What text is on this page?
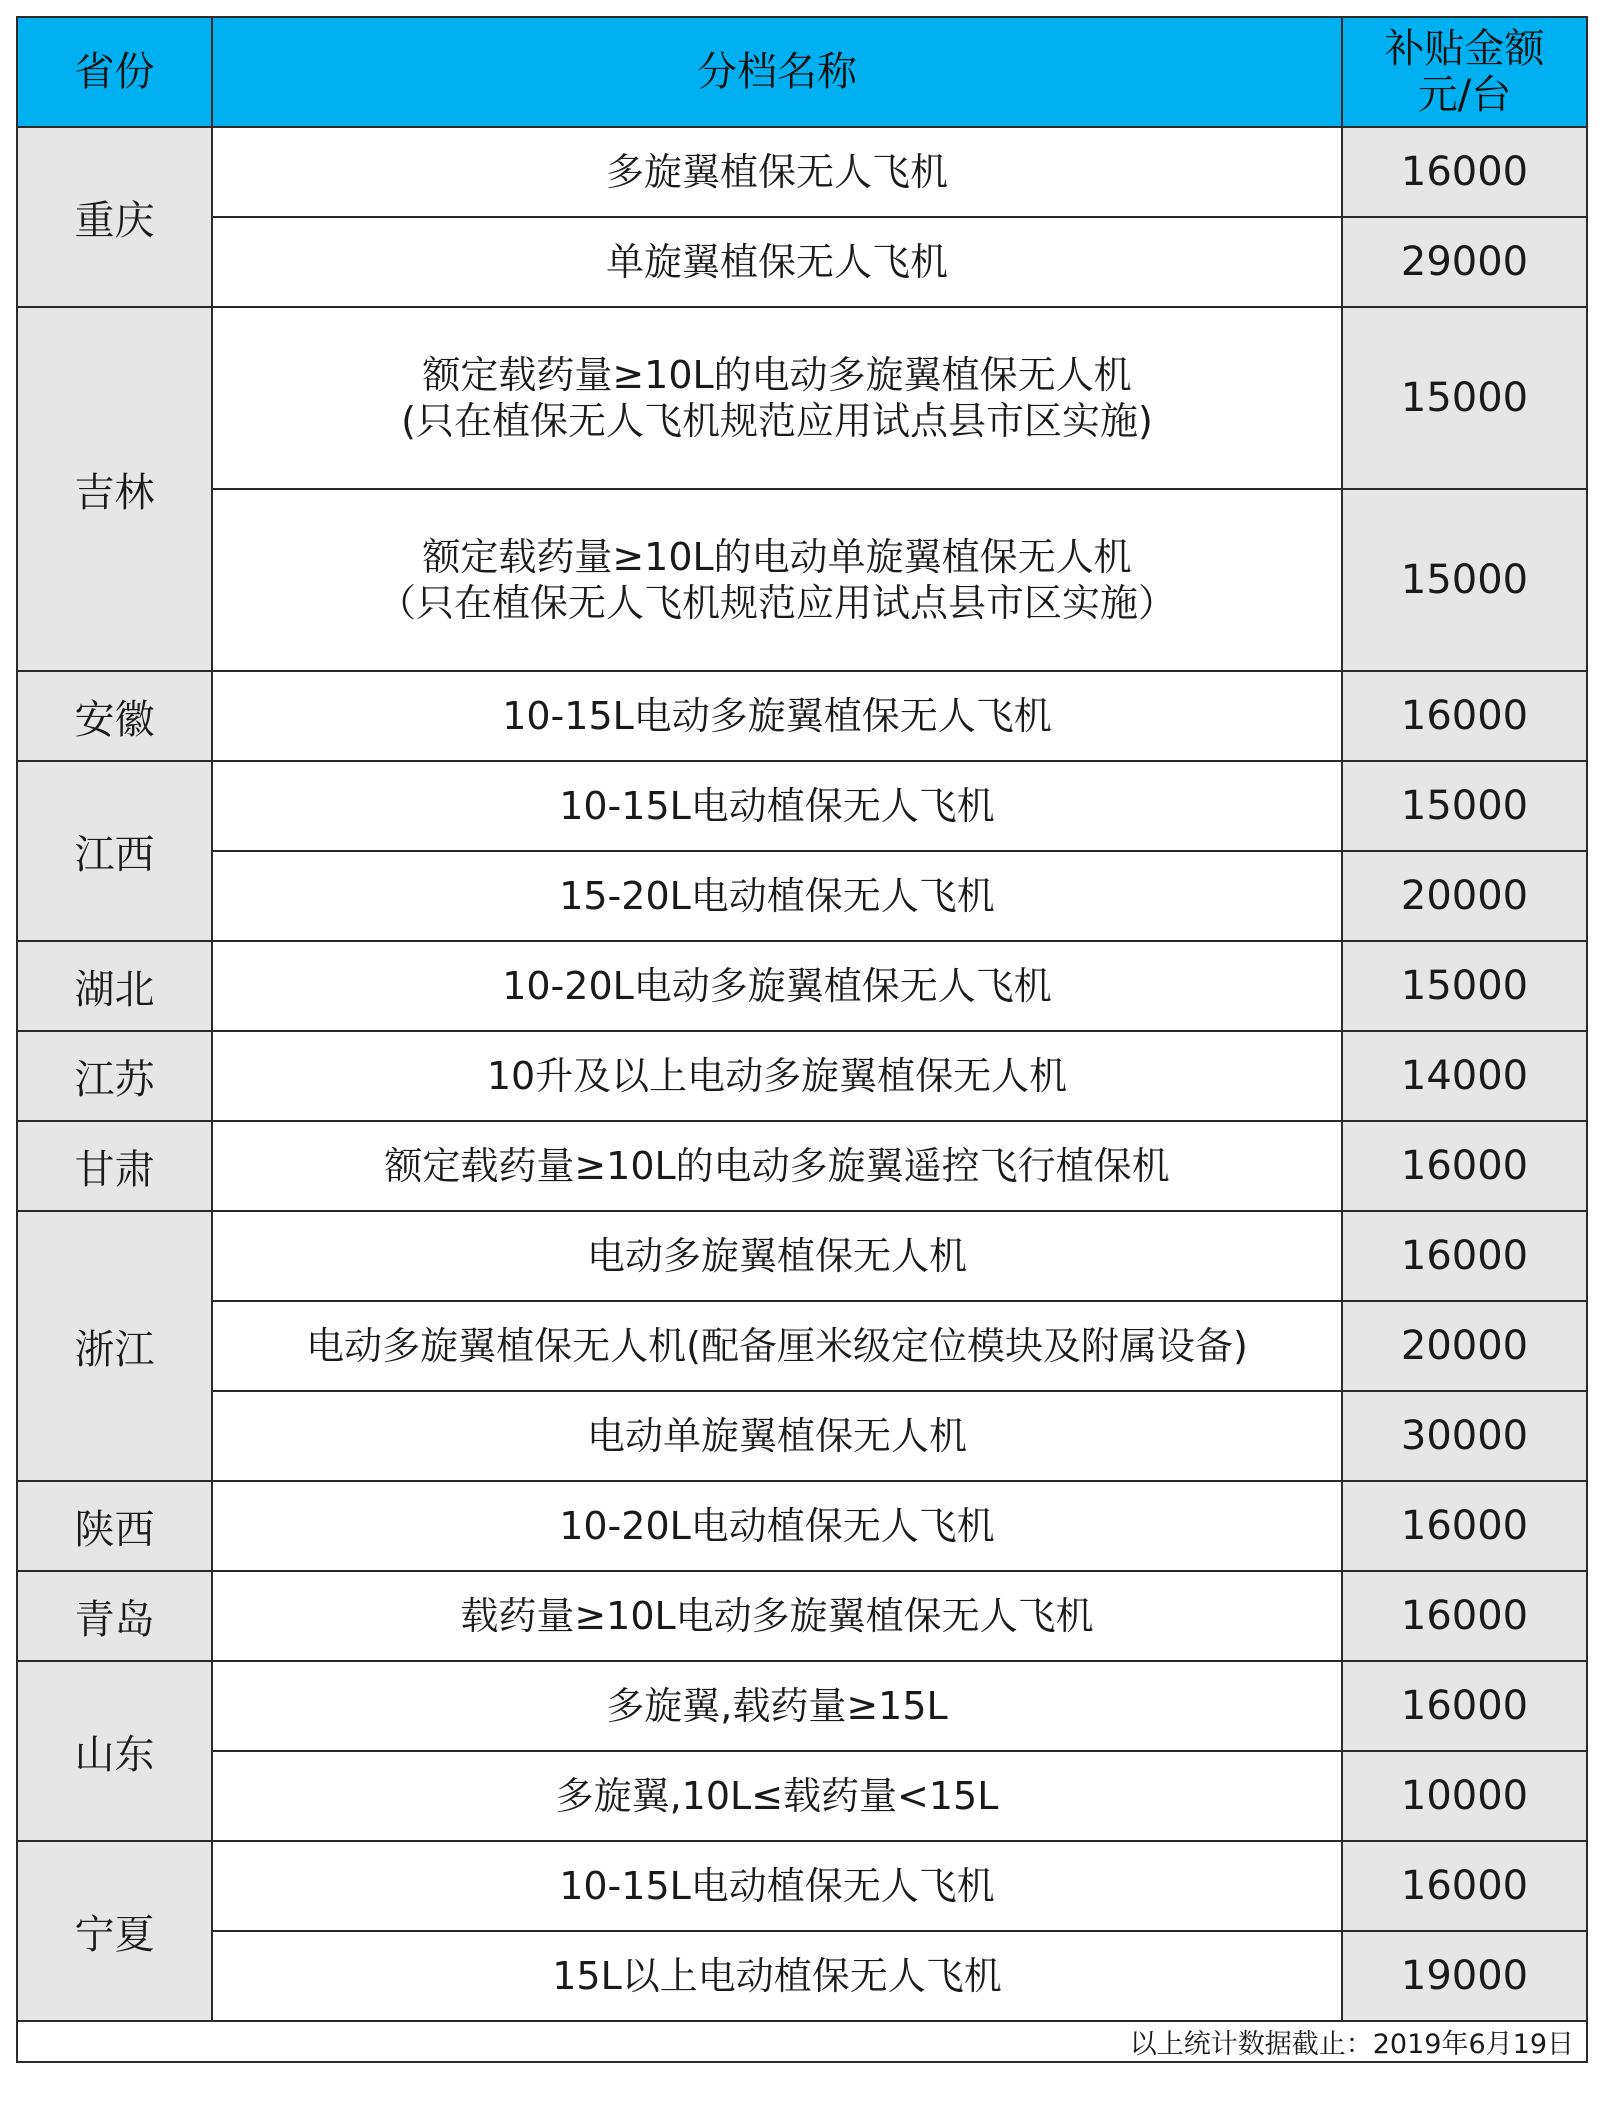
省份	分档名称	补贴金额
元/台

重庆	多旋翼植保无人飞机	16000

	单旋翼植保无人飞机	29000
吉林	额定载药量≥10L的电动多旋翼植保无人机
(只在植保无人飞机规范应用试点县市区实施)	15000

	额定载药量≥10L的电动单旋翼植保无人机
（只在植保无人飞机规范应用试点县市区实施）	15000
安徽	10-15L电动多旋翼植保无人飞机	16000
江西	10-15L电动植保无人飞机	15000

	15-20L电动植保无人飞机	20000
湖北	10-20L电动多旋翼植保无人飞机	15000
江苏	10升及以上电动多旋翼植保无人机	14000
甘肃	额定载药量≥10L的电动多旋翼遥控飞行植保机	16000
浙江	电动多旋翼植保无人机	16000

	电动多旋翼植保无人机(配备厘米级定位模块及附属设备)	20000

	电动单旋翼植保无人机	30000
陕西	10-20L电动植保无人飞机	16000
青岛	载药量≥10L电动多旋翼植保无人飞机	16000
山东	多旋翼,载药量≥15L	16000

	多旋翼,10L≤载药量<15L	10000
宁夏	10-15L电动植保无人飞机	16000

	15L以上电动植保无人飞机	19000
以上统计数据截止：2019年6月19日		
